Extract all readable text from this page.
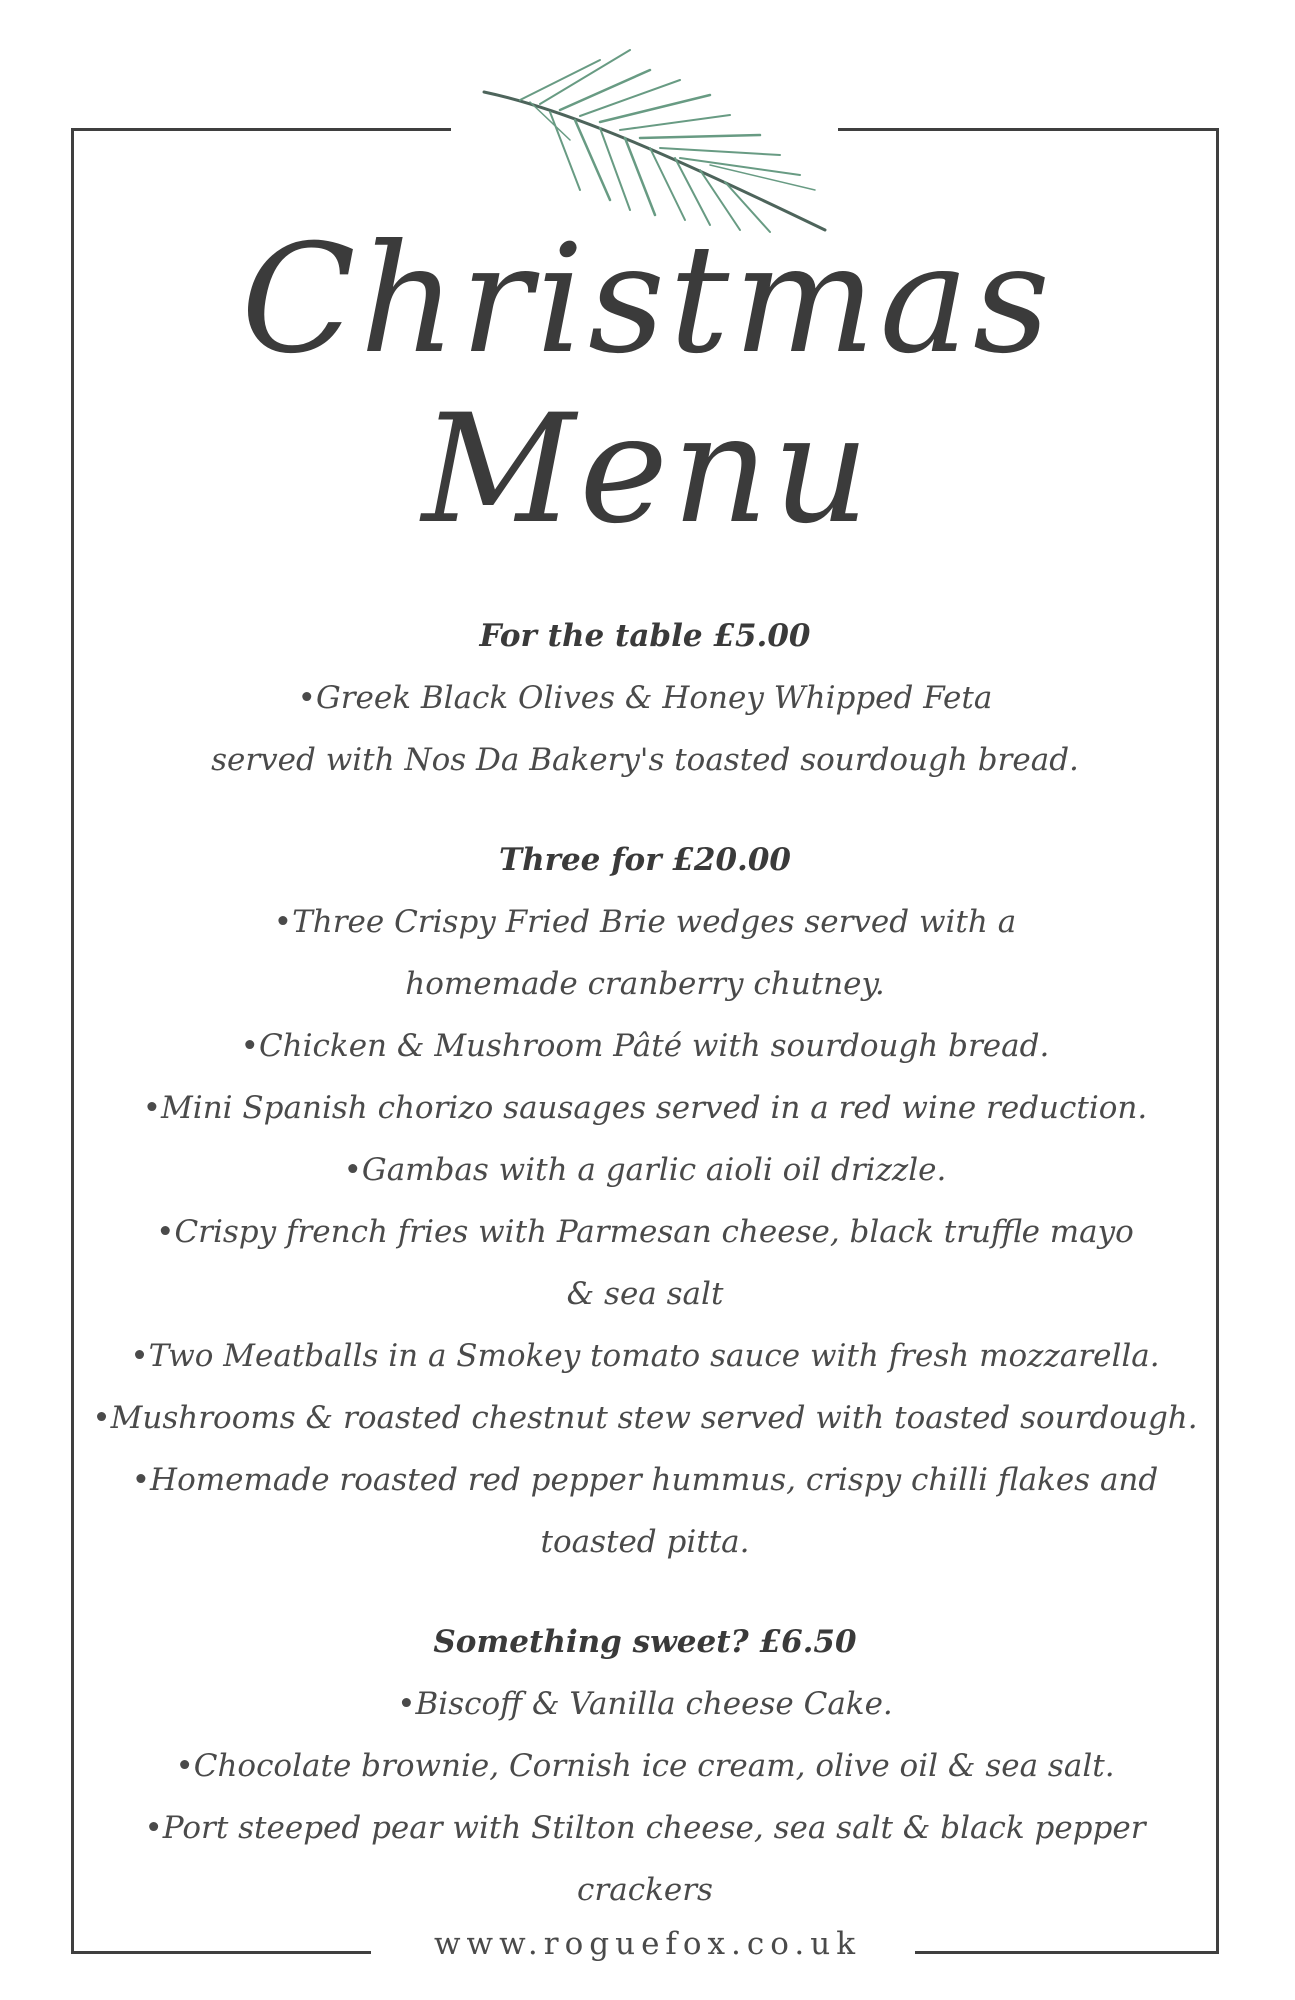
Christmas
Menu
For the table £5.00
•Greek Black Olives & Honey Whipped Feta
served with Nos Da Bakery's toasted sourdough bread.
Three for £20.00
•Three Crispy Fried Brie wedges served with a
homemade cranberry chutney.
•Chicken & Mushroom Pâté with sourdough bread.
•Mini Spanish chorizo sausages served in a red wine reduction.
•Gambas with a garlic aioli oil drizzle.
•Crispy french fries with Parmesan cheese, black truffle mayo
& sea salt
•Two Meatballs in a Smokey tomato sauce with fresh mozzarella.
•Mushrooms & roasted chestnut stew served with toasted sourdough.
•Homemade roasted red pepper hummus, crispy chilli flakes and
toasted pitta.
Something sweet? £6.50
•Biscoff & Vanilla cheese Cake.
•Chocolate brownie, Cornish ice cream, olive oil & sea salt.
•Port steeped pear with Stilton cheese, sea salt & black pepper crackers
www.roguefox.co.uk
